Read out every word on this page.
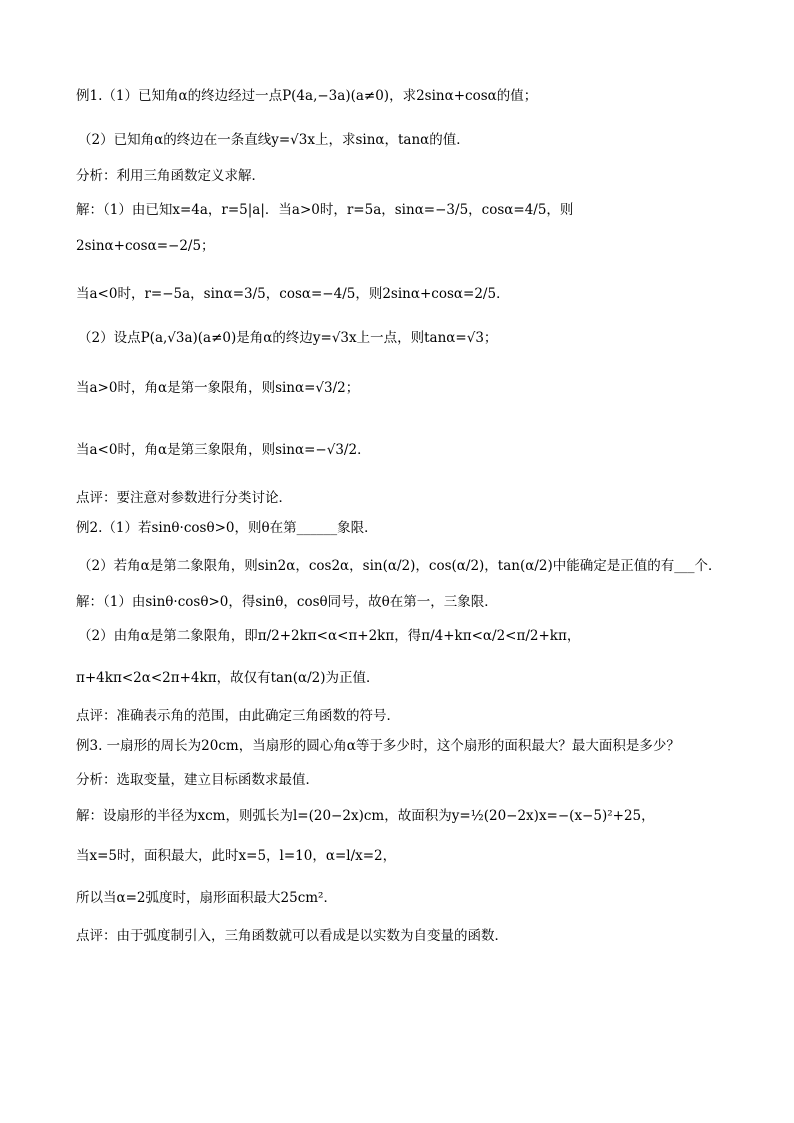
例1.（1）已知角α的终边经过一点P(4a,−3a)(a≠0)，求2sinα+cosα的值；
（2）已知角α的终边在一条直线y=√3x上，求sinα，tanα的值．
分析：利用三角函数定义求解．
解：（1）由已知x=4a，r=5|a|．当a>0时，r=5a，sinα=−3/5，cosα=4/5，则
2sinα+cosα=−2/5；
当a<0时，r=−5a，sinα=3/5，cosα=−4/5，则2sinα+cosα=2/5．
（2）设点P(a,√3a)(a≠0)是角α的终边y=√3x上一点，则tanα=√3；
当a>0时，角α是第一象限角，则sinα=√3/2；
当a<0时，角α是第三象限角，则sinα=−√3/2．
点评：要注意对参数进行分类讨论．
例2.（1）若sinθ·cosθ>0，则θ在第______象限．
（2）若角α是第二象限角，则sin2α，cos2α，sin(α/2)，cos(α/2)，tan(α/2)中能确定是正值的有___个．
解：（1）由sinθ·cosθ>0，得sinθ，cosθ同号，故θ在第一，三象限．
（2）由角α是第二象限角，即π/2+2kπ<α<π+2kπ，得π/4+kπ<α/2<π/2+kπ，
π+4kπ<2α<2π+4kπ，故仅有tan(α/2)为正值．
点评：准确表示角的范围，由此确定三角函数的符号．
例3. 一扇形的周长为20cm，当扇形的圆心角α等于多少时，这个扇形的面积最大？最大面积是多少？
分析：选取变量，建立目标函数求最值．
解：设扇形的半径为xcm，则弧长为l=(20−2x)cm，故面积为y=½(20−2x)x=−(x−5)²+25，
当x=5时，面积最大，此时x=5，l=10，α=l/x=2，
所以当α=2弧度时，扇形面积最大25cm²．
点评：由于弧度制引入，三角函数就可以看成是以实数为自变量的函数．
